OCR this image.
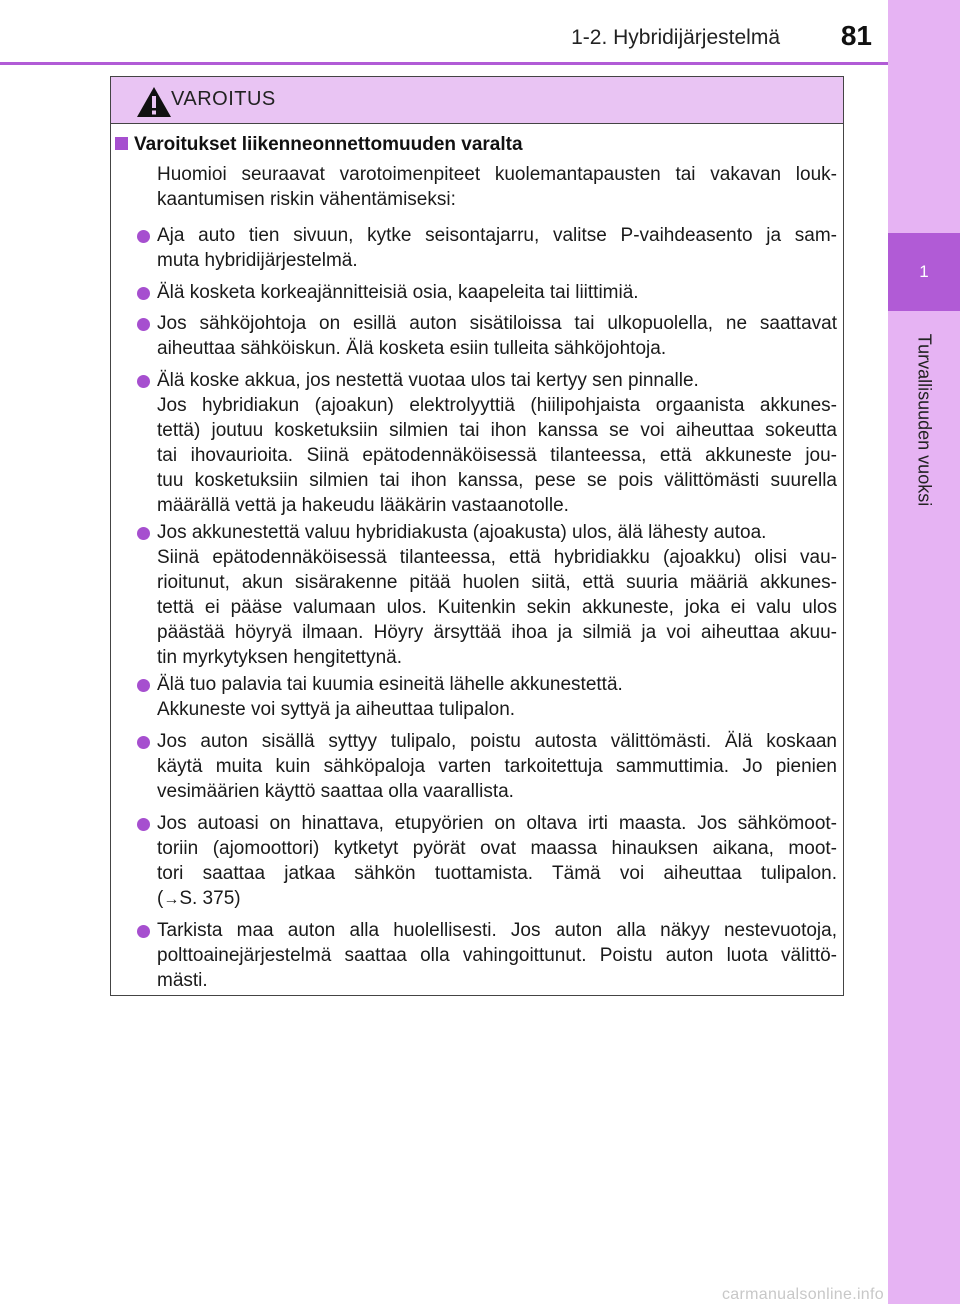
1-2. Hybridijärjestelmä	81
1
Turvallisuuden vuoksi
VAROITUS
Varoitukset liikenneonnettomuuden varalta
Huomioi seuraavat varotoimenpiteet kuolemantapausten tai vakavan louk-
kaantumisen riskin vähentämiseksi:
Aja auto tien sivuun, kytke seisontajarru, valitse P-vaihdeasento ja sam-
muta hybridijärjestelmä.
Älä kosketa korkeajännitteisiä osia, kaapeleita tai liittimiä.
Jos sähköjohtoja on esillä auton sisätiloissa tai ulkopuolella, ne saattavat
aiheuttaa sähköiskun. Älä kosketa esiin tulleita sähköjohtoja.
Älä koske akkua, jos nestettä vuotaa ulos tai kertyy sen pinnalle.
Jos hybridiakun (ajoakun) elektrolyyttiä (hiilipohjaista orgaanista akkunes-
tettä) joutuu kosketuksiin silmien tai ihon kanssa se voi aiheuttaa sokeutta
tai ihovaurioita. Siinä epätodennäköisessä tilanteessa, että akkuneste jou-
tuu kosketuksiin silmien tai ihon kanssa, pese se pois välittömästi suurella
määrällä vettä ja hakeudu lääkärin vastaanotolle.
Jos akkunestettä valuu hybridiakusta (ajoakusta) ulos, älä lähesty autoa.
Siinä epätodennäköisessä tilanteessa, että hybridiakku (ajoakku) olisi vau-
rioitunut, akun sisärakenne pitää huolen siitä, että suuria määriä akkunes-
tettä ei pääse valumaan ulos. Kuitenkin sekin akkuneste, joka ei valu ulos
päästää höyryä ilmaan. Höyry ärsyttää ihoa ja silmiä ja voi aiheuttaa akuu-
tin myrkytyksen hengitettynä.
Älä tuo palavia tai kuumia esineitä lähelle akkunestettä.
Akkuneste voi syttyä ja aiheuttaa tulipalon.
Jos auton sisällä syttyy tulipalo, poistu autosta välittömästi. Älä koskaan
käytä muita kuin sähköpaloja varten tarkoitettuja sammuttimia. Jo pienien
vesimäärien käyttö saattaa olla vaarallista.
Jos autoasi on hinattava, etupyörien on oltava irti maasta. Jos sähkömoot-
toriin (ajomoottori) kytketyt pyörät ovat maassa hinauksen aikana, moot-
tori saattaa jatkaa sähkön tuottamista. Tämä voi aiheuttaa tulipalon.
(→S. 375)
Tarkista maa auton alla huolellisesti. Jos auton alla näkyy nestevuotoja,
polttoainejärjestelmä saattaa olla vahingoittunut. Poistu auton luota välittö-
mästi.
carmanualsonline.info
